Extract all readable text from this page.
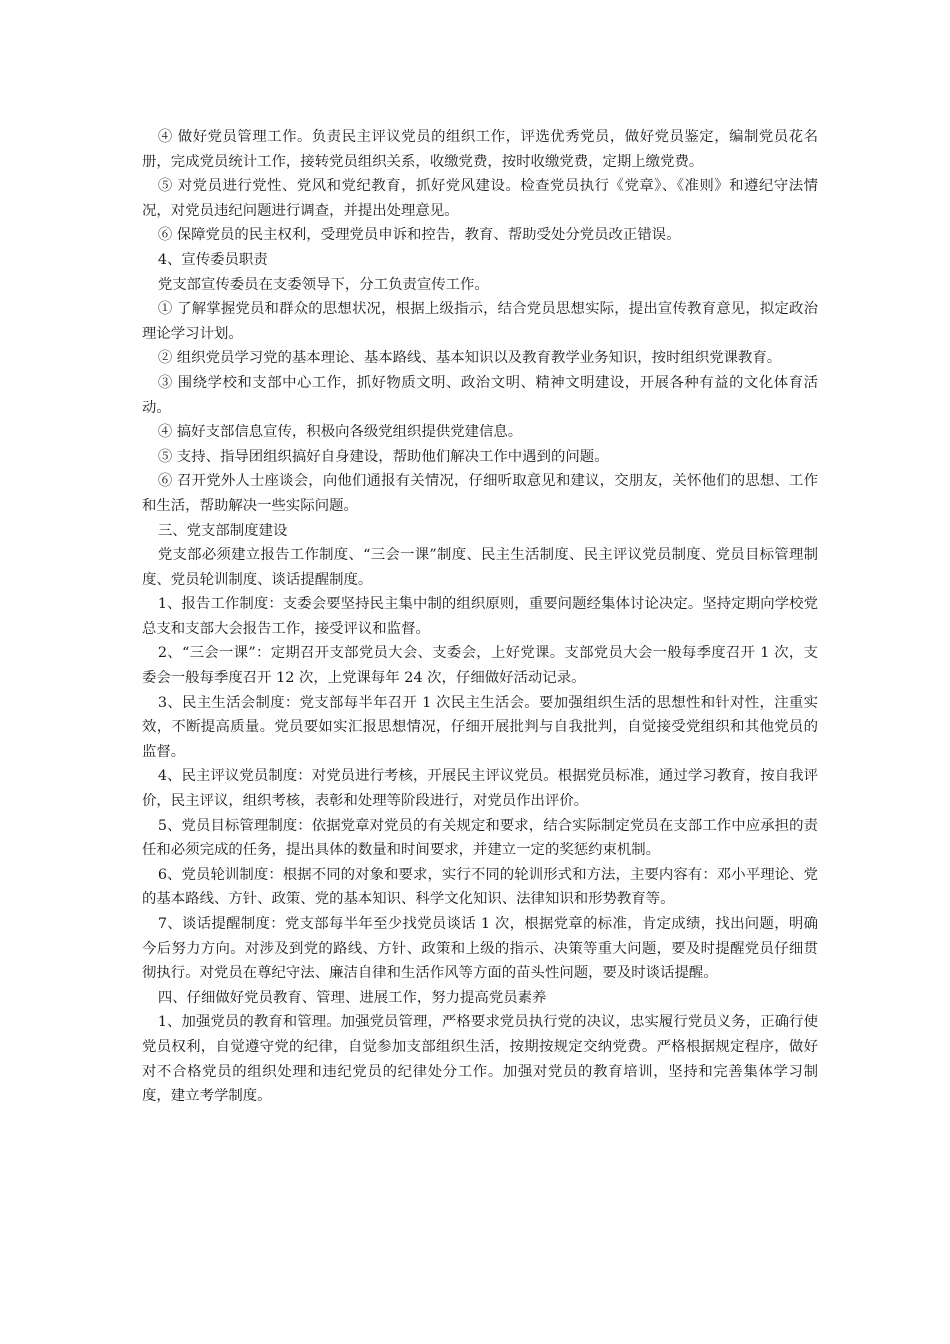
④ 做好党员管理工作。负责民主评议党员的组织工作，评选优秀党员，做好党员鉴定，编制党员花名册，完成党员统计工作，接转党员组织关系，收缴党费，按时收缴党费，定期上缴党费。

⑤ 对党员进行党性、党风和党纪教育，抓好党风建设。检查党员执行《党章》、《准则》和遵纪守法情况，对党员违纪问题进行调查，并提出处理意见。

⑥ 保障党员的民主权利，受理党员申诉和控告，教育、帮助受处分党员改正错误。

4、宣传委员职责

党支部宣传委员在支委领导下，分工负责宣传工作。

① 了解掌握党员和群众的思想状况，根据上级指示，结合党员思想实际，提出宣传教育意见，拟定政治理论学习计划。

② 组织党员学习党的基本理论、基本路线、基本知识以及教育教学业务知识，按时组织党课教育。

③ 围绕学校和支部中心工作，抓好物质文明、政治文明、精神文明建设，开展各种有益的文化体育活动。

④ 搞好支部信息宣传，积极向各级党组织提供党建信息。

⑤ 支持、指导团组织搞好自身建设，帮助他们解决工作中遇到的问题。

⑥ 召开党外人士座谈会，向他们通报有关情况，仔细听取意见和建议，交朋友，关怀他们的思想、工作和生活，帮助解决一些实际问题。

三、党支部制度建设

党支部必须建立报告工作制度、“三会一课”制度、民主生活制度、民主评议党员制度、党员目标管理制度、党员轮训制度、谈话提醒制度。

1、报告工作制度：支委会要坚持民主集中制的组织原则，重要问题经集体讨论决定。坚持定期向学校党总支和支部大会报告工作，接受评议和监督。

2、“三会一课”：定期召开支部党员大会、支委会，上好党课。支部党员大会一般每季度召开 1 次，支委会一般每季度召开 12 次，上党课每年 24 次，仔细做好活动记录。

3、民主生活会制度：党支部每半年召开 1 次民主生活会。要加强组织生活的思想性和针对性，注重实效，不断提高质量。党员要如实汇报思想情况，仔细开展批判与自我批判，自觉接受党组织和其他党员的监督。

4、民主评议党员制度：对党员进行考核，开展民主评议党员。根据党员标准，通过学习教育，按自我评价，民主评议，组织考核，表彰和处理等阶段进行，对党员作出评价。

5、党员目标管理制度：依据党章对党员的有关规定和要求，结合实际制定党员在支部工作中应承担的责任和必须完成的任务，提出具体的数量和时间要求，并建立一定的奖惩约束机制。

6、党员轮训制度：根据不同的对象和要求，实行不同的轮训形式和方法，主要内容有：邓小平理论、党的基本路线、方针、政策、党的基本知识、科学文化知识、法律知识和形势教育等。

7、谈话提醒制度：党支部每半年至少找党员谈话 1 次，根据党章的标准，肯定成绩，找出问题，明确今后努力方向。对涉及到党的路线、方针、政策和上级的指示、决策等重大问题，要及时提醒党员仔细贯彻执行。对党员在尊纪守法、廉洁自律和生活作风等方面的苗头性问题，要及时谈话提醒。

四、仔细做好党员教育、管理、进展工作，努力提高党员素养

1、加强党员的教育和管理。加强党员管理，严格要求党员执行党的决议，忠实履行党员义务，正确行使党员权利，自觉遵守党的纪律，自觉参加支部组织生活，按期按规定交纳党费。严格根据规定程序，做好对不合格党员的组织处理和违纪党员的纪律处分工作。加强对党员的教育培训，坚持和完善集体学习制度，建立考学制度。
